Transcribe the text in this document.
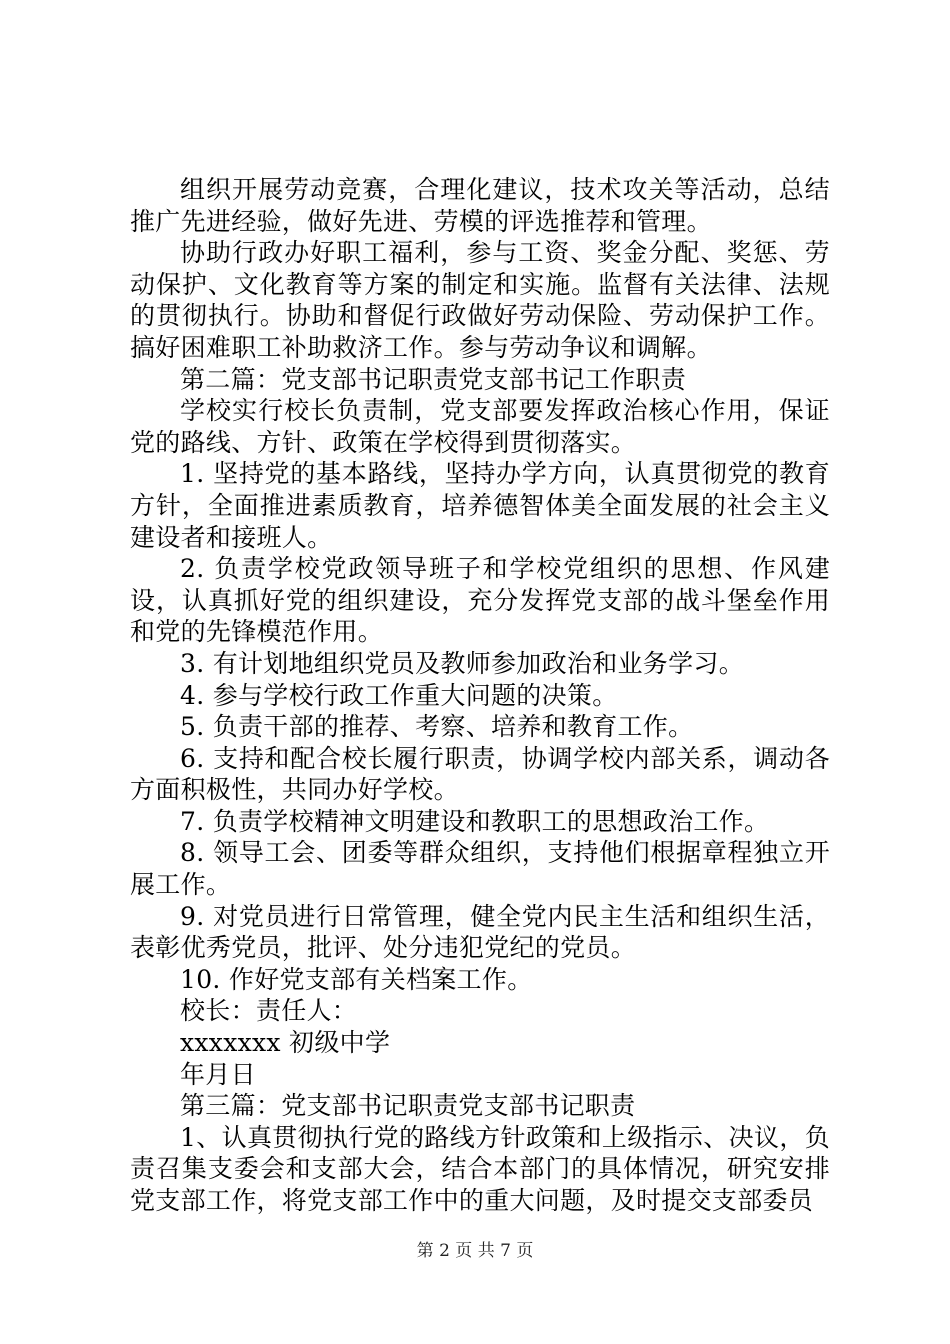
组织开展劳动竞赛，合理化建议，技术攻关等活动，总结推广先进经验，做好先进、劳模的评选推荐和管理。

协助行政办好职工福利，参与工资、奖金分配、奖惩、劳动保护、文化教育等方案的制定和实施。监督有关法律、法规的贯彻执行。协助和督促行政做好劳动保险、劳动保护工作。搞好困难职工补助救济工作。参与劳动争议和调解。

第二篇：党支部书记职责党支部书记工作职责

学校实行校长负责制，党支部要发挥政治核心作用，保证党的路线、方针、政策在学校得到贯彻落实。

1. 坚持党的基本路线，坚持办学方向，认真贯彻党的教育方针，全面推进素质教育，培养德智体美全面发展的社会主义建设者和接班人。

2. 负责学校党政领导班子和学校党组织的思想、作风建设，认真抓好党的组织建设，充分发挥党支部的战斗堡垒作用和党的先锋模范作用。

3. 有计划地组织党员及教师参加政治和业务学习。

4. 参与学校行政工作重大问题的决策。

5. 负责干部的推荐、考察、培养和教育工作。

6. 支持和配合校长履行职责，协调学校内部关系，调动各方面积极性，共同办好学校。

7. 负责学校精神文明建设和教职工的思想政治工作。

8. 领导工会、团委等群众组织，支持他们根据章程独立开展工作。

9. 对党员进行日常管理，健全党内民主生活和组织生活，表彰优秀党员，批评、处分违犯党纪的党员。

10. 作好党支部有关档案工作。

校长：责任人：

xxxxxxx 初级中学

年月日

第三篇：党支部书记职责党支部书记职责

1、认真贯彻执行党的路线方针政策和上级指示、决议，负责召集支委会和支部大会，结合本部门的具体情况，研究安排党支部工作，将党支部工作中的重大问题，及时提交支部委员

第 2 页 共 7 页
